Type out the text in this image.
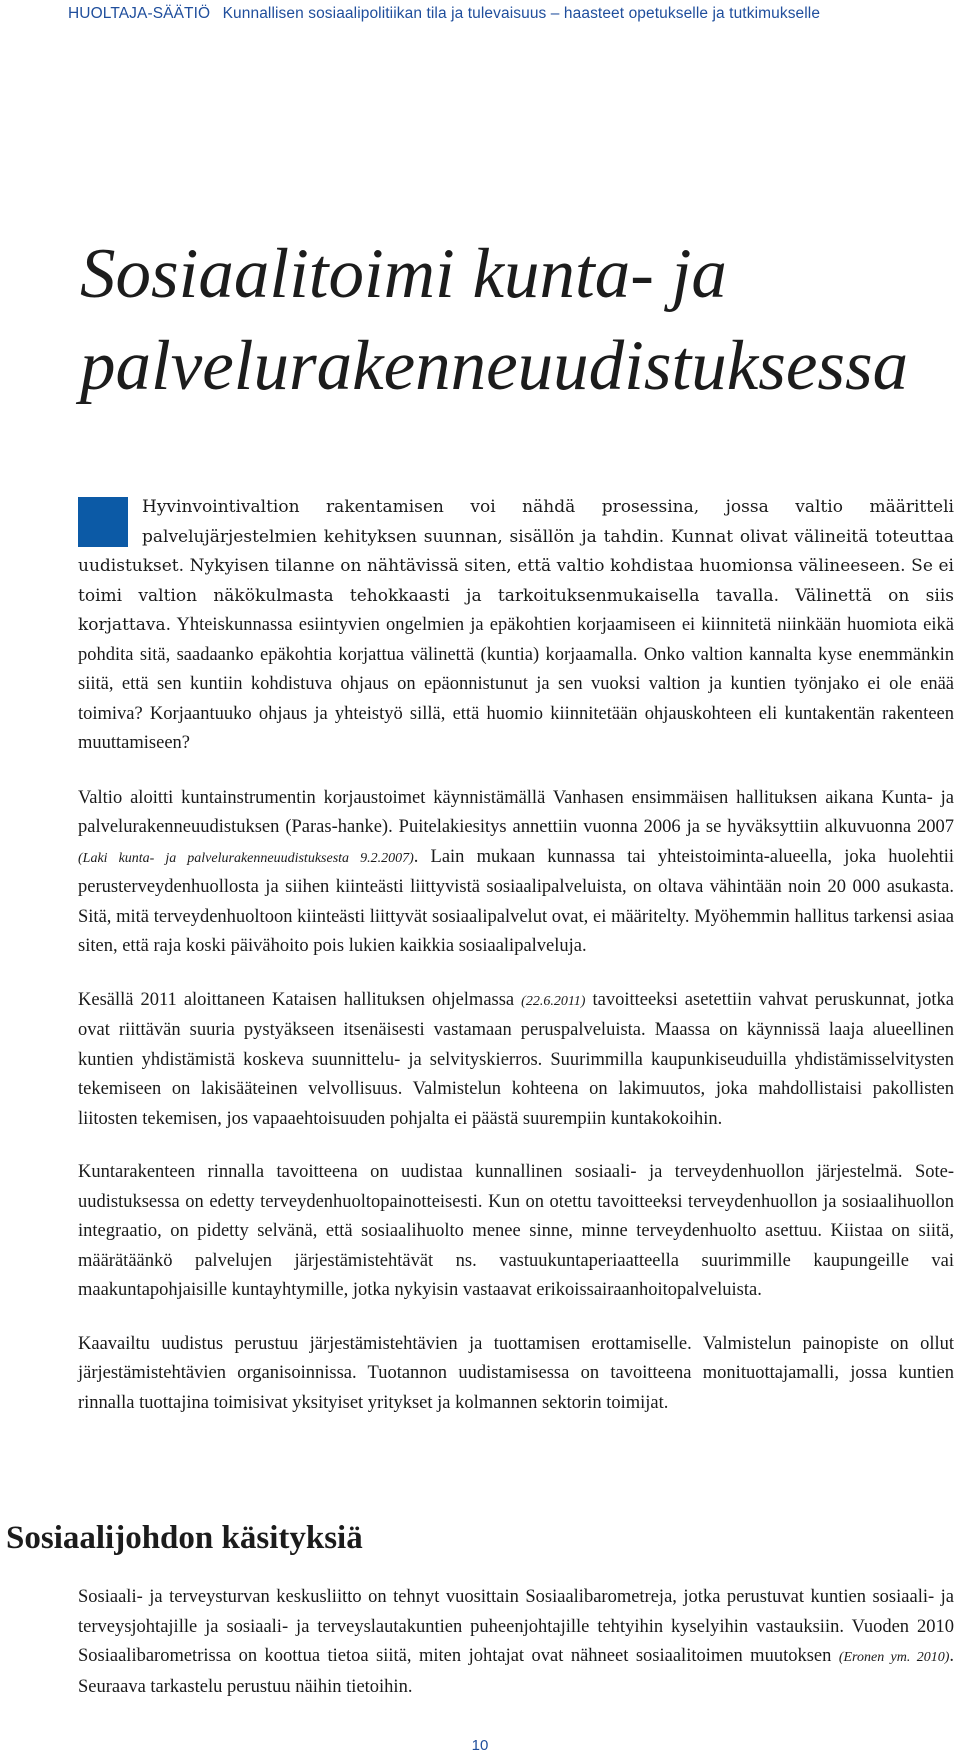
HUOLTAJA-SÄÄTIÖ Kunnallisen sosiaalipolitiikan tila ja tulevaisuus – haasteet opetukselle ja tutkimukselle
Sosiaalitoimi kunta- ja
palvelurakenneuudistuksessa

Hyvinvointivaltion rakentamisen voi nähdä prosessina, jossa valtio määritteli palvelujärjestelmien kehityksen suunnan, sisällön ja tahdin. Kunnat olivat välineitä toteuttaa uudistukset. Nykyisen tilanne on nähtävissä siten, että valtio kohdistaa huomionsa välineeseen. Se ei toimi valtion näkökulmasta tehokkaasti ja tarkoituksenmukaisella tavalla. Välinettä on siis korjattava. Yhteiskunnassa esiintyvien ongelmien ja epäkohtien korjaamiseen ei kiinnitetä niinkään huomiota eikä pohdita sitä, saadaanko epäkohtia korjattua välinettä (kuntia) korjaamalla. Onko valtion kannalta kyse enemmänkin siitä, että sen kuntiin kohdistuva ohjaus on epäonnistunut ja sen vuoksi valtion ja kuntien työnjako ei ole enää toimiva? Korjaantuuko ohjaus ja yhteistyö sillä, että huomio kiinnitetään ohjauskohteen eli kuntakentän rakenteen muuttamiseen?

Valtio aloitti kuntainstrumentin korjaustoimet käynnistämällä Vanhasen ensimmäisen hallituksen aikana Kunta- ja palvelurakenneuudistuksen (Paras-hanke). Puitelakiesitys annettiin vuonna 2006 ja se hyväksyttiin alkuvuonna 2007 (Laki kunta- ja palvelurakenneuudistuksesta 9.2.2007). Lain mukaan kunnassa tai yhteistoiminta-alueella, joka huolehtii perusterveydenhuollosta ja siihen kiinteästi liittyvistä sosiaalipalveluista, on oltava vähintään noin 20 000 asukasta. Sitä, mitä terveydenhuoltoon kiinteästi liittyvät sosiaalipalvelut ovat, ei määritelty. Myöhemmin hallitus tarkensi asiaa siten, että raja koski päivähoito pois lukien kaikkia sosiaalipalveluja.

Kesällä 2011 aloittaneen Kataisen hallituksen ohjelmassa (22.6.2011) tavoitteeksi asetettiin vahvat peruskunnat, jotka ovat riittävän suuria pystyäkseen itsenäisesti vastamaan peruspalveluista. Maassa on käynnissä laaja alueellinen kuntien yhdistämistä koskeva suunnittelu- ja selvityskierros. Suurimmilla kaupunkiseuduilla yhdistämisselvitysten tekemiseen on lakisääteinen velvollisuus. Valmistelun kohteena on lakimuutos, joka mahdollistaisi pakollisten liitosten tekemisen, jos vapaaehtoisuuden pohjalta ei päästä suurempiin kuntakokoihin.

Kuntarakenteen rinnalla tavoitteena on uudistaa kunnallinen sosiaali- ja terveydenhuollon järjestelmä. Sote-uudistuksessa on edetty terveydenhuoltopainotteisesti. Kun on otettu tavoitteeksi terveydenhuollon ja sosiaalihuollon integraatio, on pidetty selvänä, että sosiaalihuolto menee sinne, minne terveydenhuolto asettuu. Kiistaa on siitä, määrätäänkö palvelujen järjestämistehtävät ns. vastuukuntaperiaatteella suurimmille kaupungeille vai maakuntapohjaisille kuntayhtymille, jotka nykyisin vastaavat erikoissairaanhoitopalveluista.

Kaavailtu uudistus perustuu järjestämistehtävien ja tuottamisen erottamiselle. Valmistelun painopiste on ollut järjestämistehtävien organisoinnissa. Tuotannon uudistamisessa on tavoitteena monituottajamalli, jossa kuntien rinnalla tuottajina toimisivat yksityiset yritykset ja kolmannen sektorin toimijat.

Sosiaalijohdon käsityksiä

Sosiaali- ja terveysturvan keskusliitto on tehnyt vuosittain Sosiaalibarometreja, jotka perustuvat kuntien sosiaali- ja terveysjohtajille ja sosiaali- ja terveyslautakuntien puheenjohtajille tehtyihin kyselyihin vastauksiin. Vuoden 2010 Sosiaalibarometrissa on koottua tietoa siitä, miten johtajat ovat nähneet sosiaalitoimen muutoksen (Eronen ym. 2010). Seuraava tarkastelu perustuu näihin tietoihin.

10
